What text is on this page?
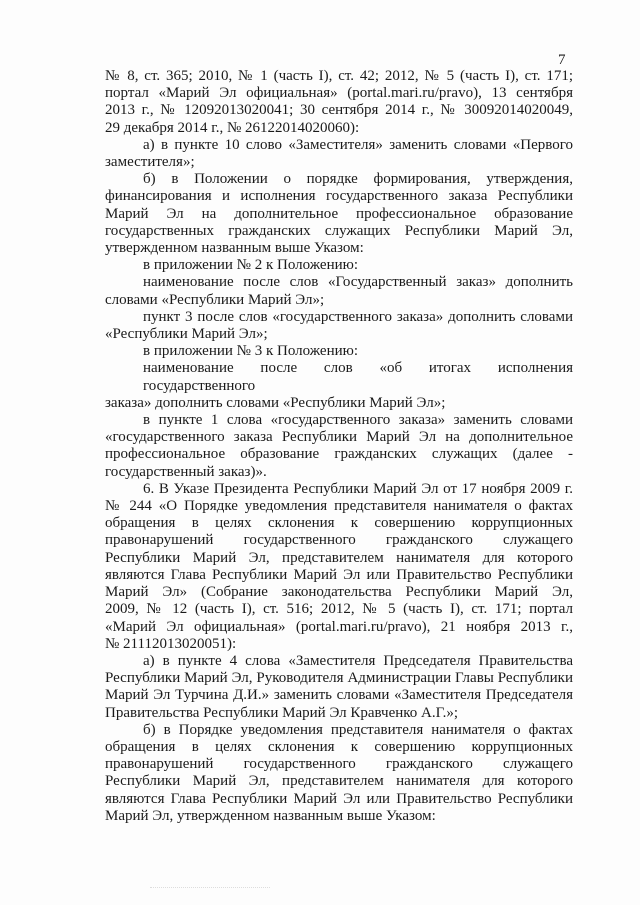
7
№ 8, ст. 365; 2010, № 1 (часть I), ст. 42; 2012, № 5 (часть I), ст. 171;
портал «Марий Эл официальная» (portal.mari.ru/pravo), 13 сентября
2013 г., № 12092013020041; 30 сентября 2014 г., № 30092014020049,
29 декабря 2014 г., № 26122014020060):
а) в пункте 10 слово «Заместителя» заменить словами «Первого
заместителя»;
б) в Положении о порядке формирования, утверждения,
финансирования и исполнения государственного заказа Республики
Марий Эл на дополнительное профессиональное образование
государственных гражданских служащих Республики Марий Эл,
утвержденном названным выше Указом:
в приложении № 2 к Положению:
наименование после слов «Государственный заказ» дополнить
словами «Республики Марий Эл»;
пункт 3 после слов «государственного заказа» дополнить словами
«Республики Марий Эл»;
в приложении № 3 к Положению:
наименование после слов «об итогах исполнения государственного
заказа» дополнить словами «Республики Марий Эл»;
в пункте 1 слова «государственного заказа» заменить словами
«государственного заказа Республики Марий Эл на дополнительное
профессиональное образование гражданских служащих (далее -
государственный заказ)».
6. В Указе Президента Республики Марий Эл от 17 ноября 2009 г.
№ 244 «О Порядке уведомления представителя нанимателя о фактах
обращения в целях склонения к совершению коррупционных
правонарушений государственного гражданского служащего
Республики Марий Эл, представителем нанимателя для которого
являются Глава Республики Марий Эл или Правительство Республики
Марий Эл» (Собрание законодательства Республики Марий Эл,
2009, № 12 (часть I), ст. 516; 2012, № 5 (часть I), ст. 171; портал
«Марий Эл официальная» (portal.mari.ru/pravo), 21 ноября 2013 г.,
№ 21112013020051):
а) в пункте 4 слова «Заместителя Председателя Правительства
Республики Марий Эл, Руководителя Администрации Главы Республики
Марий Эл Турчина Д.И.» заменить словами «Заместителя Председателя
Правительства Республики Марий Эл Кравченко А.Г.»;
б) в Порядке уведомления представителя нанимателя о фактах
обращения в целях склонения к совершению коррупционных
правонарушений государственного гражданского служащего
Республики Марий Эл, представителем нанимателя для которого
являются Глава Республики Марий Эл или Правительство Республики
Марий Эл, утвержденном названным выше Указом:
